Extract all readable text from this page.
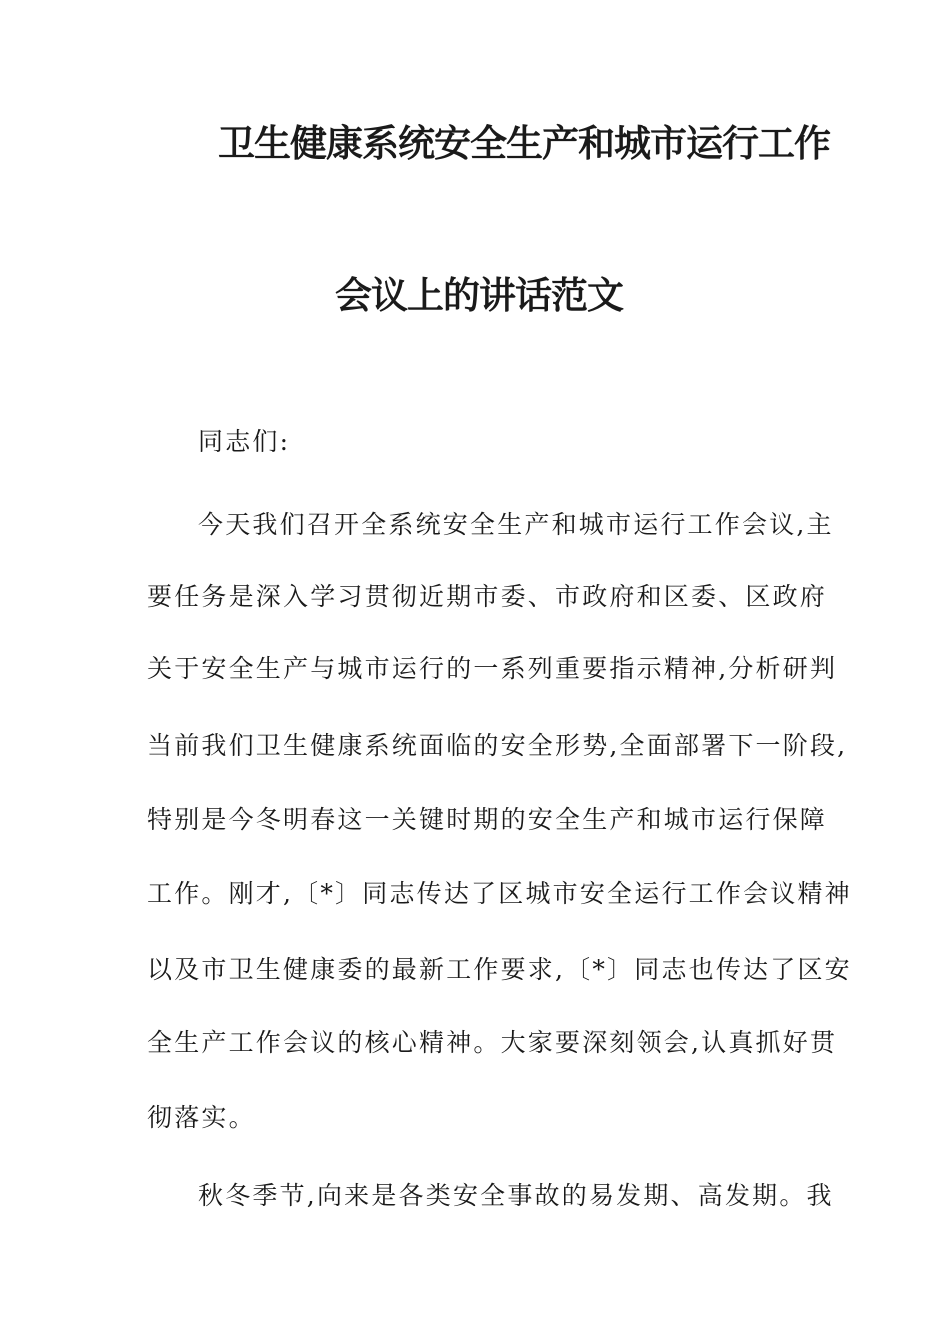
卫生健康系统安全生产和城市运行工作
会议上的讲话范文
同志们:
今天我们召开全系统安全生产和城市运行工作会议,主
要任务是深入学习贯彻近期市委、市政府和区委、区政府
关于安全生产与城市运行的一系列重要指示精神,分析研判
当前我们卫生健康系统面临的安全形势,全面部署下一阶段,
特别是今冬明春这一关键时期的安全生产和城市运行保障
工作。刚才,〔*〕同志传达了区城市安全运行工作会议精神
以及市卫生健康委的最新工作要求,〔*〕同志也传达了区安
全生产工作会议的核心精神。大家要深刻领会,认真抓好贯
彻落实。
秋冬季节,向来是各类安全事故的易发期、高发期。我
